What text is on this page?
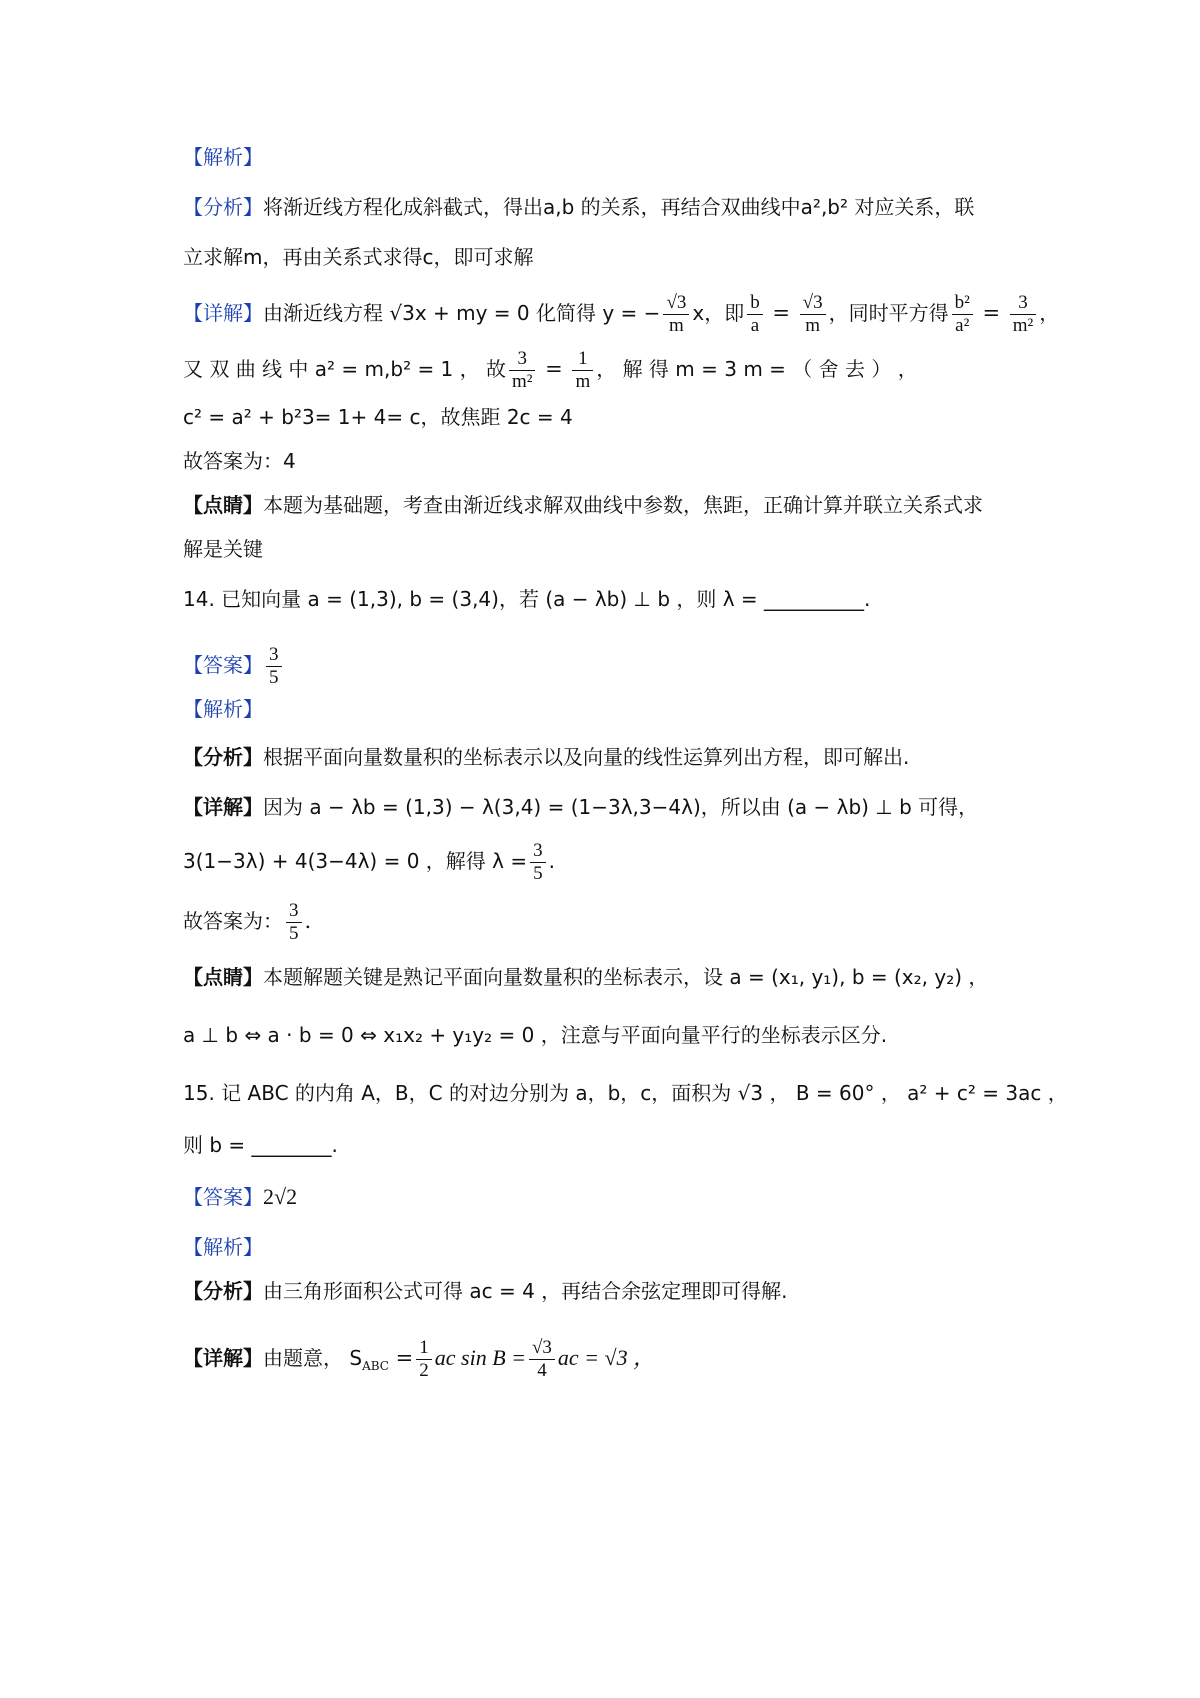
【解析】
【分析】将渐近线方程化成斜截式，得出a,b 的关系，再结合双曲线中a²,b² 对应关系，联
立求解m，再由关系式求得c，即可求解
【详解】由渐近线方程 √3x + my = 0 化简得 y = − $\frac{√3}{m}$ x，即 $\frac{b}{a} = \frac{√3}{m}$ ，同时平方得 $\frac{\text{b²}}{\text{a²}} = \frac{3}{\text{m²}}$ ，
又 双 曲 线 中 a² = m,b² = 1 ， 故 $\frac{3}{\text{m²}} = \frac{1}{m}$ ， 解 得 m = 3 m = （ 舍 去 ） ，
c² = a² + b²3= 1+ 4= c，故焦距 2c = 4
故答案为：4
【点睛】本题为基础题，考查由渐近线求解双曲线中参数，焦距，正确计算并联立关系式求
解是关键
14. 已知向量 a = (1,3), b = (3,4)，若 (a − λb) ⊥ b ，则 λ = __________.
【答案】 $\frac{3}{5}$
【解析】
【分析】根据平面向量数量积的坐标表示以及向量的线性运算列出方程，即可解出.
【详解】因为 a − λb = (1,3) − λ(3,4) = (1−3λ,3−4λ)，所以由 (a − λb) ⊥ b 可得，
3(1−3λ) + 4(3−4λ) = 0 ，解得 $\lambda = \frac{3}{5}$ .
故答案为： $\frac{3}{5}$ .
【点睛】本题解题关键是熟记平面向量数量积的坐标表示，设 a = (x₁, y₁), b = (x₂, y₂) ，
a ⊥ b ⇔ a · b = 0 ⇔ x₁x₂ + y₁y₂ = 0 ，注意与平面向量平行的坐标表示区分.
15. 记 ABC 的内角 A，B，C 的对边分别为 a，b，c，面积为 √3 ， B = 60° ， a² + c² = 3ac ，
则 b = ________.
【答案】2√2
【解析】
【分析】由三角形面积公式可得 ac = 4 ，再结合余弦定理即可得解.
【详解】由题意， $S_{ABC} = \frac{1}{2}$ ac $\sin B = \frac{√3}{4}$ ac = √3 ，
